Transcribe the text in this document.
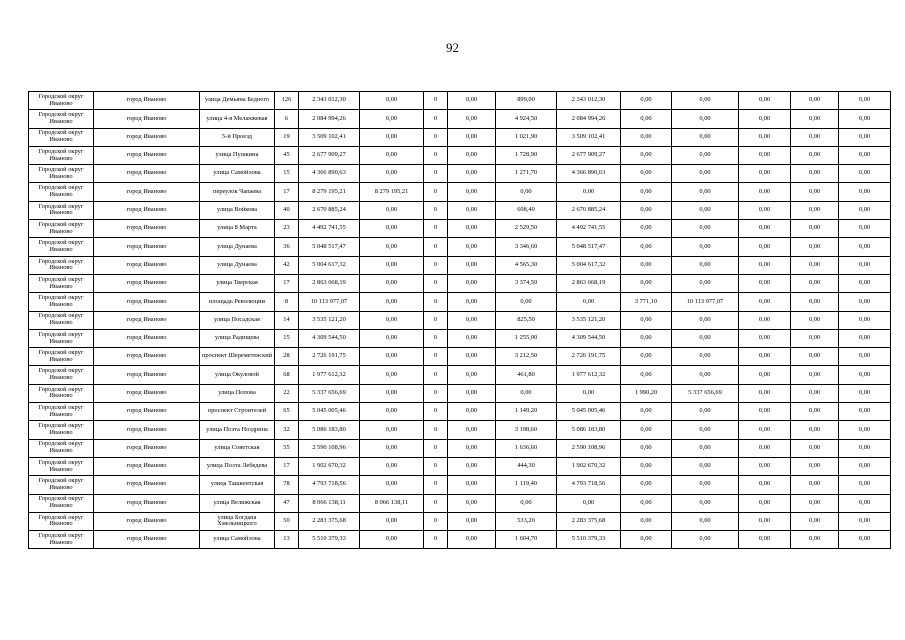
92
Городской округ Иваново	город Иваново	улица Демьяна Бедного	126	2 343 012,30	0,00	0	0,00	899,00	2 343 012,30	0,00	0,00	0,00	0,00	0,00
Городской округ Иваново	город Иваново	улица 4-я Меланжевая	6	2 084 994,26	0,00	0	0,00	4 924,50	2 084 994,26	0,00	0,00	0,00	0,00	0,00
Городской округ Иваново	город Иваново	5-й Проезд	19	3 509 102,41	0,00	0	0,00	1 021,90	3 509 102,41	0,00	0,00	0,00	0,00	0,00
Городской округ Иваново	город Иваново	улица Пушкина	45	2 677 909,27	0,00	0	0,00	1 728,90	2 677 909,27	0,00	0,00	0,00	0,00	0,00
Городской округ Иваново	город Иваново	улица Самойлова	15	4 366 890,63	0,00	0	0,00	1 271,70	4 366 890,63	0,00	0,00	0,00	0,00	0,00
Городской округ Иваново	город Иваново	переулок Чапаева	17	8 279 195,21	8 279 195,21	0	0,00	0,00	0,00	0,00	0,00	0,00	0,00	0,00
Городской округ Иваново	город Иваново	улица Войкова	40	2 670 885,24	0,00	0	0,00	608,40	2 670 885,24	0,00	0,00	0,00	0,00	0,00
Городской округ Иваново	город Иваново	улица 8 Марта	23	4 492 741,55	0,00	0	0,00	2 529,50	4 492 741,55	0,00	0,00	0,00	0,00	0,00
Городской округ Иваново	город Иваново	улица Дунаева	36	5 048 517,47	0,00	0	0,00	3 346,60	5 048 517,47	0,00	0,00	0,00	0,00	0,00
Городской округ Иваново	город Иваново	улица Дунаева	42	5 004 617,32	0,00	0	0,00	4 565,30	5 004 617,32	0,00	0,00	0,00	0,00	0,00
Городской округ Иваново	город Иваново	улица Тверская	17	2 863 668,19	0,00	0	0,00	3 374,50	2 863 668,19	0,00	0,00	0,00	0,00	0,00
Городской округ Иваново	город Иваново	площадь Революции	8	10 113 977,07	0,00	0	0,00	0,00	0,00	3 771,10	10 113 977,07	0,00	0,00	0,00
Городской округ Иваново	город Иваново	улица Посадская	14	3 535 121,20	0,00	0	0,00	825,50	3 535 121,20	0,00	0,00	0,00	0,00	0,00
Городской округ Иваново	город Иваново	улица Радищева	15	4 309 544,50	0,00	0	0,00	1 255,00	4 309 544,50	0,00	0,00	0,00	0,00	0,00
Городской округ Иваново	город Иваново	проспект Шереметевский	28	2 726 191,75	0,00	0	0,00	3 212,50	2 726 191,75	0,00	0,00	0,00	0,00	0,00
Городской округ Иваново	город Иваново	улица Окуловой	68	1 977 612,32	0,00	0	0,00	461,80	1 977 612,32	0,00	0,00	0,00	0,00	0,00
Городской округ Иваново	город Иваново	улица Попова	22	5 337 656,69	0,00	0	0,00	0,00	0,00	1 990,20	5 337 656,69	0,00	0,00	0,00
Городской округ Иваново	город Иваново	проспект Строителей	65	5 045 005,46	0,00	0	0,00	1 149,20	5 045 005,46	0,00	0,00	0,00	0,00	0,00
Городской округ Иваново	город Иваново	улица Поэта Ноздрина	32	5 086 183,80	0,00	0	0,00	3 198,60	5 086 183,80	0,00	0,00	0,00	0,00	0,00
Городской округ Иваново	город Иваново	улица Советская	55	2 590 108,96	0,00	0	0,00	1 636,60	2 590 108,96	0,00	0,00	0,00	0,00	0,00
Городской округ Иваново	город Иваново	улица Поэта Лебедева	17	1 902 670,32	0,00	0	0,00	444,30	1 902 670,32	0,00	0,00	0,00	0,00	0,00
Городской округ Иваново	город Иваново	улица Ташкентская	78	4 793 718,56	0,00	0	0,00	1 119,40	4 793 718,56	0,00	0,00	0,00	0,00	0,00
Городской округ Иваново	город Иваново	улица Велижская	47	8 066 138,11	8 066 138,11	0	0,00	0,00	0,00	0,00	0,00	0,00	0,00	0,00
Городской округ Иваново	город Иваново	улица Богдана Хмельницкого	50	2 283 375,68	0,00	0	0,00	533,20	2 283 375,68	0,00	0,00	0,00	0,00	0,00
Городской округ Иваново	город Иваново	улица Самойлова	13	5 510 379,33	0,00	0	0,00	1 604,70	5 510 379,33	0,00	0,00	0,00	0,00	0,00
